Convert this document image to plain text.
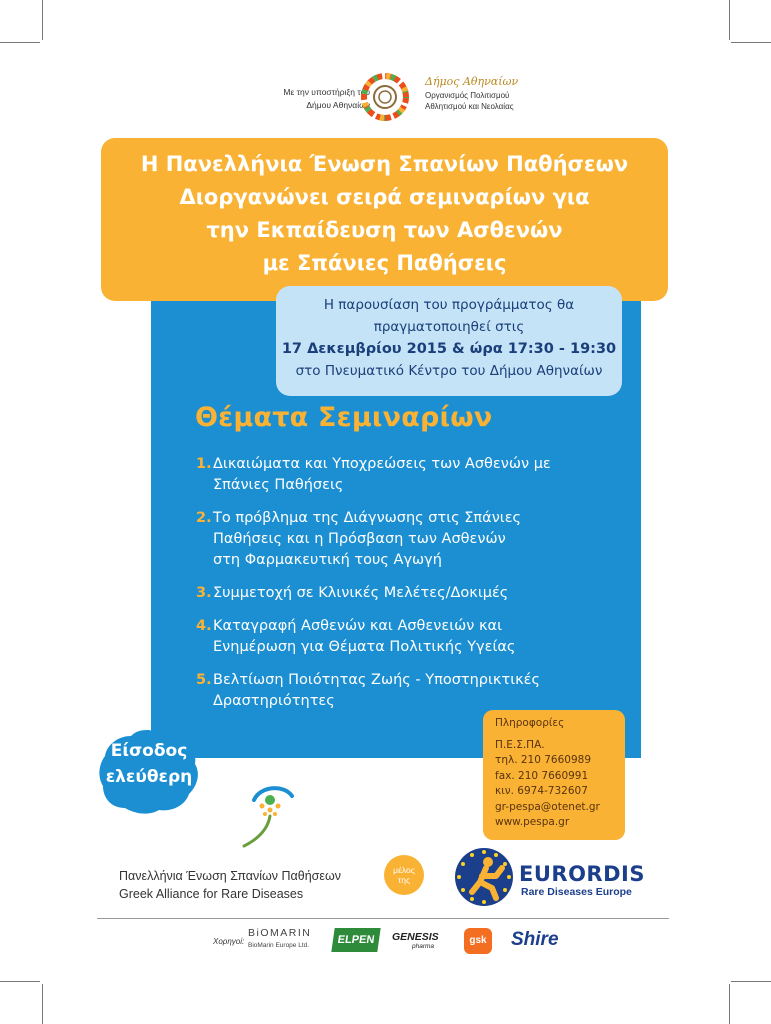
Με την υποστήριξη του
Δήμου Αθηναίων
Δήμος Αθηναίων
Οργανισμός Πολιτισμού
Αθλητισμού και Νεολαίας
Η Πανελλήνια Ένωση Σπανίων Παθήσεων
Διοργανώνει σειρά σεμιναρίων για
την Εκπαίδευση των Ασθενών
με Σπάνιες Παθήσεις
Η παρουσίαση του προγράμματος θα
πραγματοποιηθεί στις
17 Δεκεμβρίου 2015 & ώρα 17:30 - 19:30
στο Πνευματικό Κέντρο του Δήμου Αθηναίων
Θέματα Σεμιναρίων
1. Δικαιώματα και Υποχρεώσεις των Ασθενών με
Σπάνιες Παθήσεις
2. Το πρόβλημα της Διάγνωσης στις Σπάνιες
Παθήσεις και η Πρόσβαση των Ασθενών
στη Φαρμακευτική τους Αγωγή
3. Συμμετοχή σε Κλινικές Μελέτες/Δοκιμές
4. Καταγραφή Ασθενών και Ασθενειών και
Ενημέρωση για Θέματα Πολιτικής Υγείας
5. Βελτίωση Ποιότητας Ζωής - Υποστηρικτικές
Δραστηριότητες
Πληροφορίες
Π.Ε.Σ.ΠΑ.
τηλ. 210 7660989
fax. 210 7660991
κιν. 6974-732607
gr-pespa@otenet.gr
www.pespa.gr
Είσοδος
ελεύθερη
Πανελλήνια Ένωση Σπανίων Παθήσεων
Greek Alliance for Rare Diseases
μέλος
της	EURORDIS
Rare Diseases Europe
Χορηγοί:
BiOMARIN
BioMarin Europe Ltd.	ELPEN	GENESIS
pharma
gsk Shire
